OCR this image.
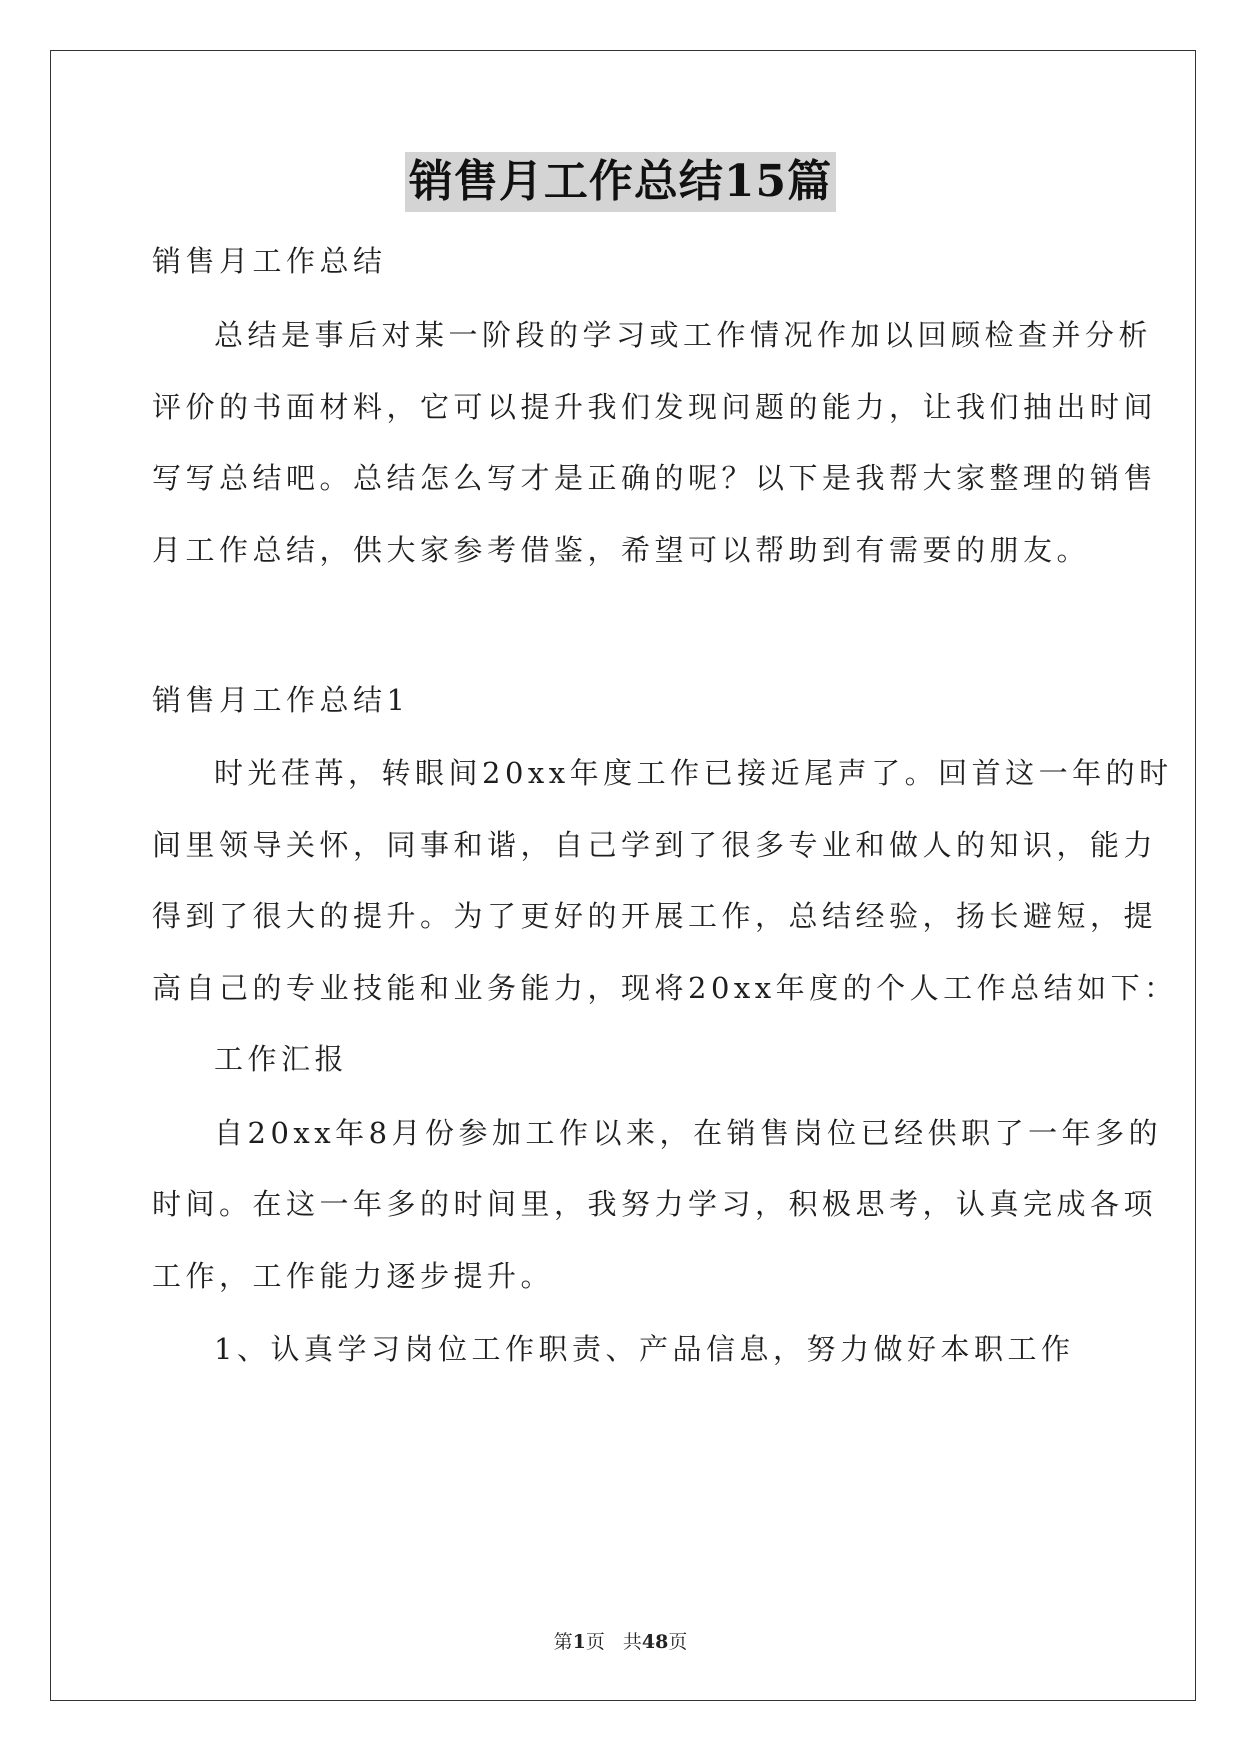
销售月工作总结15篇
销售月工作总结
总结是事后对某一阶段的学习或工作情况作加以回顾检查并分析
评价的书面材料，它可以提升我们发现问题的能力，让我们抽出时间
写写总结吧。总结怎么写才是正确的呢？以下是我帮大家整理的销售
月工作总结，供大家参考借鉴，希望可以帮助到有需要的朋友。
销售月工作总结1
时光荏苒，转眼间20xx年度工作已接近尾声了。回首这一年的时
间里领导关怀，同事和谐，自己学到了很多专业和做人的知识，能力
得到了很大的提升。为了更好的开展工作，总结经验，扬长避短，提
高自己的专业技能和业务能力，现将20xx年度的个人工作总结如下：
工作汇报
自20xx年8月份参加工作以来，在销售岗位已经供职了一年多的
时间。在这一年多的时间里，我努力学习，积极思考，认真完成各项
工作，工作能力逐步提升。
1、认真学习岗位工作职责、产品信息，努力做好本职工作
第1页 共48页
